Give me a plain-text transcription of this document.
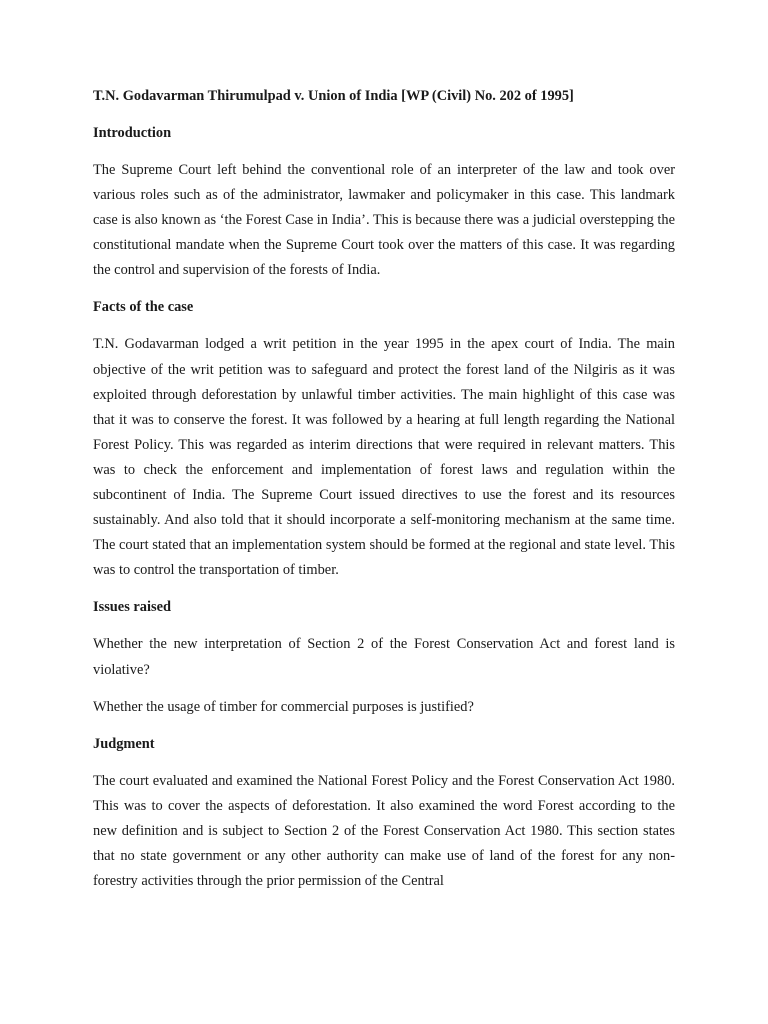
T.N. Godavarman Thirumulpad v. Union of India [WP (Civil) No. 202 of 1995]
Introduction
The Supreme Court left behind the conventional role of an interpreter of the law and took over various roles such as of the administrator, lawmaker and policymaker in this case. This landmark case is also known as ‘the Forest Case in India’. This is because there was a judicial overstepping the constitutional mandate when the Supreme Court took over the matters of this case. It was regarding the control and supervision of the forests of India.
Facts of the case
T.N. Godavarman lodged a writ petition in the year 1995 in the apex court of India. The main objective of the writ petition was to safeguard and protect the forest land of the Nilgiris as it was exploited through deforestation by unlawful timber activities. The main highlight of this case was that it was to conserve the forest. It was followed by a hearing at full length regarding the National Forest Policy. This was regarded as interim directions that were required in relevant matters. This was to check the enforcement and implementation of forest laws and regulation within the subcontinent of India. The Supreme Court issued directives to use the forest and its resources sustainably. And also told that it should incorporate a self-monitoring mechanism at the same time. The court stated that an implementation system should be formed at the regional and state level. This was to control the transportation of timber.
Issues raised
Whether the new interpretation of Section 2 of the Forest Conservation Act and forest land is violative?
Whether the usage of timber for commercial purposes is justified?
Judgment
The court evaluated and examined the National Forest Policy and the Forest Conservation Act 1980. This was to cover the aspects of deforestation. It also examined the word Forest according to the new definition and is subject to Section 2 of the Forest Conservation Act 1980. This section states that no state government or any other authority can make use of land of the forest for any non-forestry activities through the prior permission of the Central
